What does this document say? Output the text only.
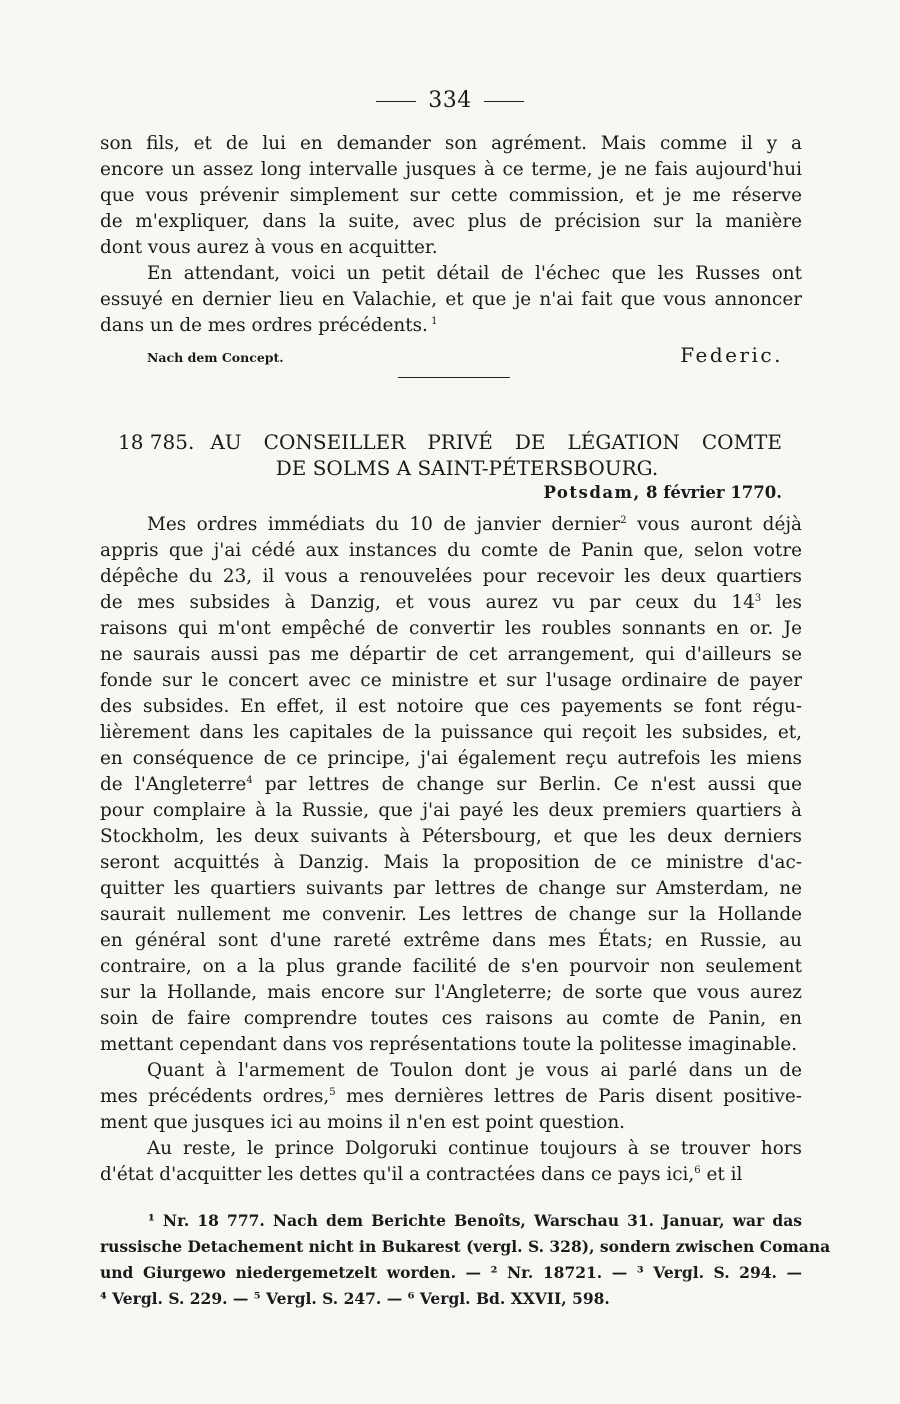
334

son fils, et de lui en demander son agrément. Mais comme il y a

encore un assez long intervalle jusques à ce terme, je ne fais aujourd'hui

que vous prévenir simplement sur cette commission, et je me réserve

de m'expliquer, dans la suite, avec plus de précision sur la manière

dont vous aurez à vous en acquitter.

En attendant, voici un petit détail de l'échec que les Russes ont

essuyé en dernier lieu en Valachie, et que je n'ai fait que vous annoncer

dans un de mes ordres précédents. $^1$

Nach dem Concept.	Federic.
18 785. AU CONSEILLER PRIVÉ DE LÉGATION COMTE
DE SOLMS A SAINT-PÉTERSBOURG.
Potsdam, 8 février 1770.

Mes ordres immédiats du 10 de janvier dernier$^2$ vous auront déjà

appris que j'ai cédé aux instances du comte de Panin que, selon votre

dépêche du 23, il vous a renouvelées pour recevoir les deux quartiers

de mes subsides à Danzig, et vous aurez vu par ceux du $14^3$ les

raisons qui m'ont empêché de convertir les roubles sonnants en or. Je

ne saurais aussi pas me départir de cet arrangement, qui d'ailleurs se

fonde sur le concert avec ce ministre et sur l'usage ordinaire de payer

des subsides. En effet, il est notoire que ces payements se font régu-

lièrement dans les capitales de la puissance qui reçoit les subsides, et,

en conséquence de ce principe, j'ai également reçu autrefois les miens

de l'Angleterre$^4$ par lettres de change sur Berlin. Ce n'est aussi que

pour complaire à la Russie, que j'ai payé les deux premiers quartiers à

Stockholm, les deux suivants à Pétersbourg, et que les deux derniers

seront acquittés à Danzig. Mais la proposition de ce ministre d'ac-

quitter les quartiers suivants par lettres de change sur Amsterdam, ne

saurait nullement me convenir. Les lettres de change sur la Hollande

en général sont d'une rareté extrême dans mes États; en Russie, au

contraire, on a la plus grande facilité de s'en pourvoir non seulement

sur la Hollande, mais encore sur l'Angleterre; de sorte que vous aurez

soin de faire comprendre toutes ces raisons au comte de Panin, en

mettant cependant dans vos représentations toute la politesse imaginable.

Quant à l'armement de Toulon dont je vous ai parlé dans un de

mes précédents ordres,$^5$ mes dernières lettres de Paris disent positive-

ment que jusques ici au moins il n'en est point question.

Au reste, le prince Dolgoruki continue toujours à se trouver hors

d'état d'acquitter les dettes qu'il a contractées dans ce pays ici,$^6$ et il

¹ Nr. 18 777. Nach dem Berichte Benoîts, Warschau 31. Januar, war das

russische Detachement nicht in Bukarest (vergl. S. 328), sondern zwischen Comana

und Giurgewo niedergemetzelt worden. — ² Nr. 18721. — ³ Vergl. S. 294. —

⁴ Vergl. S. 229. — ⁵ Vergl. S. 247. — ⁶ Vergl. Bd. XXVII, 598.
